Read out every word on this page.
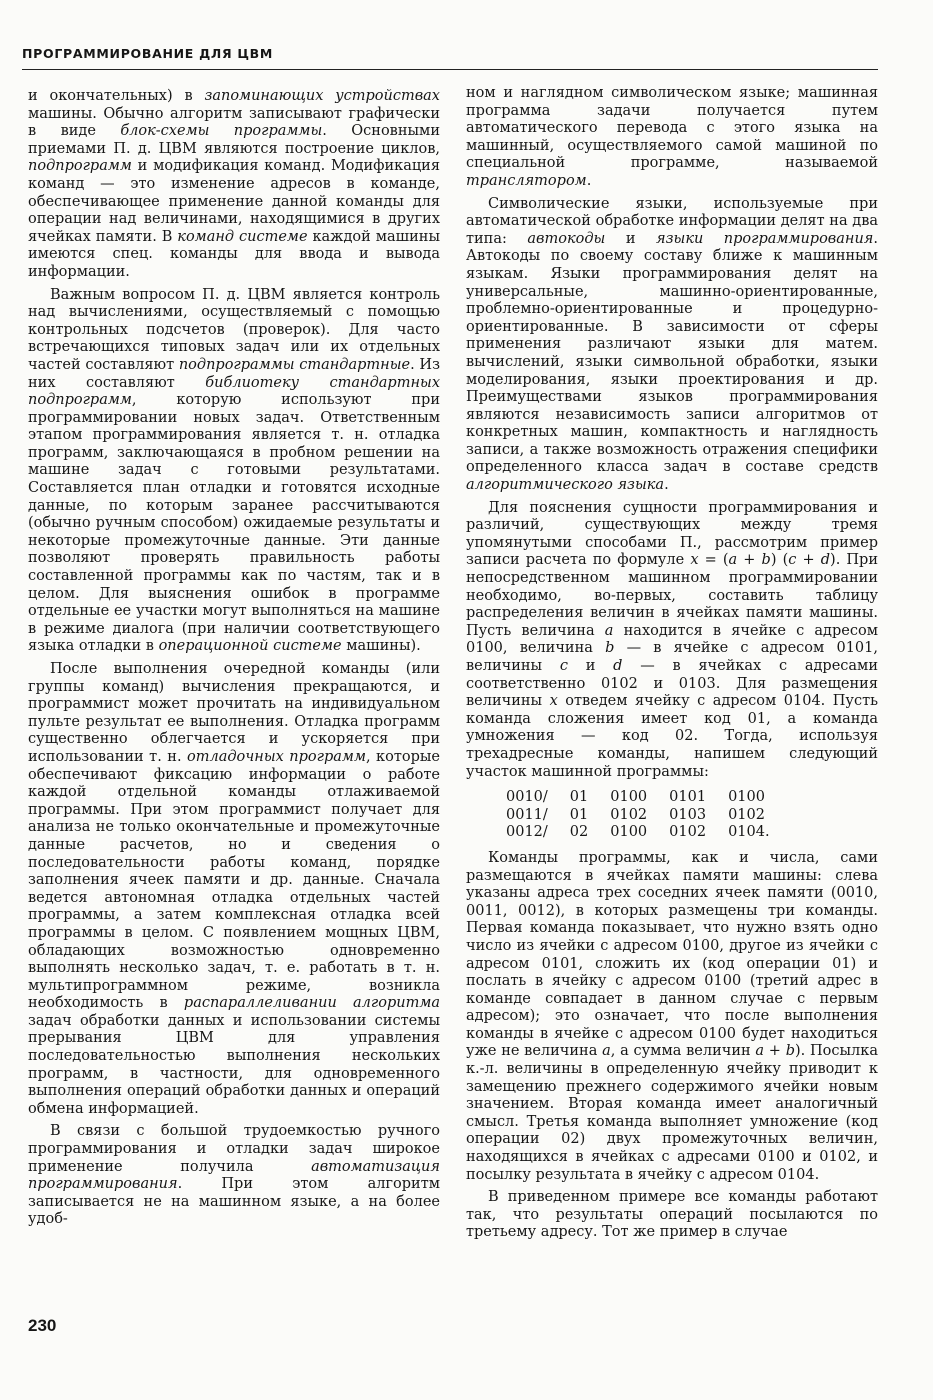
ПРОГРАММИРОВАНИЕ ДЛЯ ЦВМ

и окончательных) в запоминающих устройствах машины. Обычно алгоритм записывают графически в виде блок-схемы программы. Основными приемами П. д. ЦВМ являются построение циклов, подпрограмм и модификация команд. Модификация команд — это изменение адресов в команде, обеспечивающее применение данной команды для операции над величинами, находящимися в других ячейках памяти. В команд системе каждой машины имеются спец. команды для ввода и вывода информации.

Важным вопросом П. д. ЦВМ является контроль над вычислениями, осуществляемый с помощью контрольных подсчетов (проверок). Для часто встречающихся типовых задач или их отдельных частей составляют подпрограммы стандартные. Из них составляют библиотеку стандартных подпрограмм, которую используют при программировании новых задач. Ответственным этапом программирования является т. н. отладка программ, заключающаяся в пробном решении на машине задач с готовыми результатами. Составляется план отладки и готовятся исходные данные, по которым заранее рассчитываются (обычно ручным способом) ожидаемые результаты и некоторые промежуточные данные. Эти данные позволяют проверять правильность работы составленной программы как по частям, так и в целом. Для выяснения ошибок в программе отдельные ее участки могут выполняться на машине в режиме диалога (при наличии соответствующего языка отладки в операционной системе машины).

После выполнения очередной команды (или группы команд) вычисления прекращаются, и программист может прочитать на индивидуальном пульте результат ее выполнения. Отладка программ существенно облегчается и ускоряется при использовании т. н. отладочных программ, которые обеспечивают фиксацию информации о работе каждой отдельной команды отлаживаемой программы. При этом программист получает для анализа не только окончательные и промежуточные данные расчетов, но и сведения о последовательности работы команд, порядке заполнения ячеек памяти и др. данные. Сначала ведется автономная отладка отдельных частей программы, а затем комплексная отладка всей программы в целом. С появлением мощных ЦВМ, обладающих возможностью одновременно выполнять несколько задач, т. е. работать в т. н. мультипрограммном режиме, возникла необходимость в распараллеливании алгоритма задач обработки данных и использовании системы прерывания ЦВМ для управления последовательностью выполнения нескольких программ, в частности, для одновременного выполнения операций обработки данных и операций обмена информацией.

В связи с большой трудоемкостью ручного программирования и отладки задач широкое применение получила автоматизация программирования. При этом алгоритм записывается не на машинном языке, а на более удоб-

ном и наглядном символическом языке; машинная программа задачи получается путем автоматического перевода с этого языка на машинный, осуществляемого самой машиной по специальной программе, называемой транслятором.

Символические языки, используемые при автоматической обработке информации делят на два типа: автокоды и языки программирования. Автокоды по своему составу ближе к машинным языкам. Языки программирования делят на универсальные, машинно-ориентированные, проблемно-ориентированные и процедурно-ориентированные. В зависимости от сферы применения различают языки для матем. вычислений, языки символьной обработки, языки моделирования, языки проектирования и др. Преимуществами языков программирования являются независимость записи алгоритмов от конкретных машин, компактность и наглядность записи, а также возможность отражения специфики определенного класса задач в составе средств алгоритмического языка.

Для пояснения сущности программирования и различий, существующих между тремя упомянутыми способами П., рассмотрим пример записи расчета по формуле x = (a + b) (c + d). При непосредственном машинном программировании необходимо, во-первых, составить таблицу распределения величин в ячейках памяти машины. Пусть величина a находится в ячейке с адресом 0100, величина b — в ячейке с адресом 0101, величины c и d — в ячейках с адресами соответственно 0102 и 0103. Для размещения величины x отведем ячейку с адресом 0104. Пусть команда сложения имеет код 01, а команда умножения — код 02. Тогда, используя трехадресные команды, напишем следующий участок машинной программы:

0010/	01	0100	0101	0100
0011/	01	0102	0103	0102
0012/	02	0100	0102	0104.

Команды программы, как и числа, сами размещаются в ячейках памяти машины: слева указаны адреса трех соседних ячеек памяти (0010, 0011, 0012), в которых размещены три команды. Первая команда показывает, что нужно взять одно число из ячейки с адресом 0100, другое из ячейки с адресом 0101, сложить их (код операции 01) и послать в ячейку с адресом 0100 (третий адрес в команде совпадает в данном случае с первым адресом); это означает, что после выполнения команды в ячейке с адресом 0100 будет находиться уже не величина a, а сумма величин a + b). Посылка к.-л. величины в определенную ячейку приводит к замещению прежнего содержимого ячейки новым значением. Вторая команда имеет аналогичный смысл. Третья команда выполняет умножение (код операции 02) двух промежуточных величин, находящихся в ячейках с адресами 0100 и 0102, и посылку результата в ячейку с адресом 0104.

В приведенном примере все команды работают так, что результаты операций посылаются по третьему адресу. Тот же пример в случае

230
